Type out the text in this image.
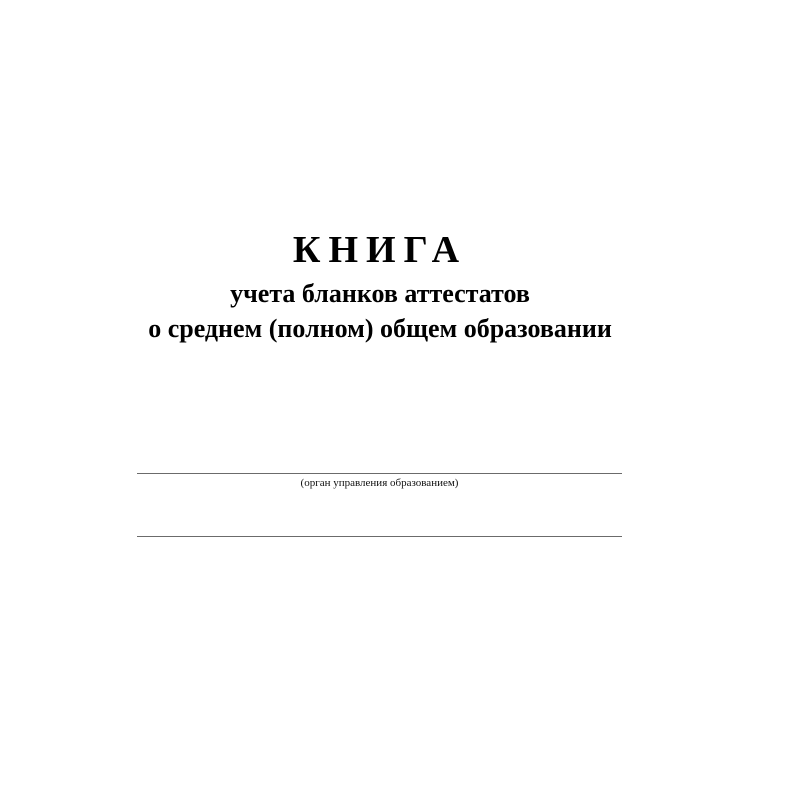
КНИГА

учета бланков аттестатов

о среднем (полном) общем образовании

(орган управления образованием)
